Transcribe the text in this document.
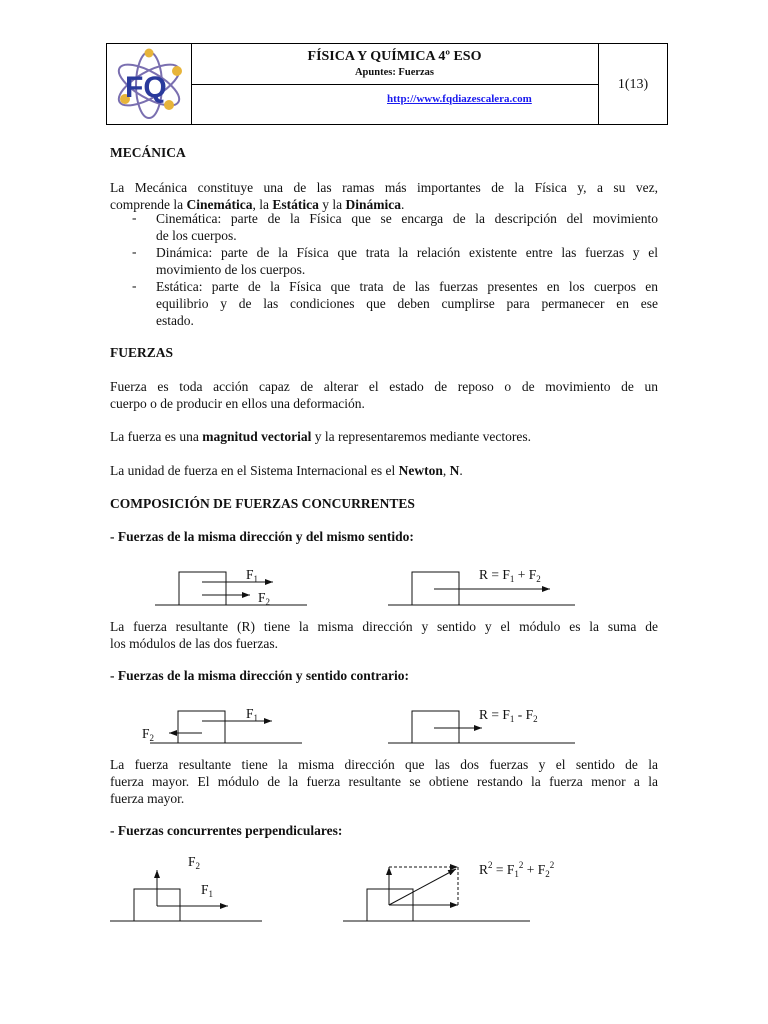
FQ
FÍSICA Y QUÍMICA 4º ESO
Apuntes: Fuerzas
http://www.fqdiazescalera.com
1(13)
MECÁNICA
La Mecánica constituye una de las ramas más importantes de la Física y, a su vez,
comprende la Cinemática, la Estática y la Dinámica.
- Cinemática: parte de la Física que se encarga de la descripción del movimiento
de los cuerpos.
- Dinámica: parte de la Física que trata la relación existente entre las fuerzas y el
movimiento de los cuerpos.
- Estática: parte de la Física que trata de las fuerzas presentes en los cuerpos en
equilibrio y de las condiciones que deben cumplirse para permanecer en ese
estado.
FUERZAS
Fuerza es toda acción capaz de alterar el estado de reposo o de movimiento de un
cuerpo o de producir en ellos una deformación.
La fuerza es una magnitud vectorial y la representaremos mediante vectores.
La unidad de fuerza en el Sistema Internacional es el Newton, N.
COMPOSICIÓN DE FUERZAS CONCURRENTES
- Fuerzas de la misma dirección y del mismo sentido:
$F_1$
$F_2$
$R = F_1 + F_2$
La fuerza resultante (R) tiene la misma dirección y sentido y el módulo es la suma de
los módulos de las dos fuerzas.
- Fuerzas de la misma dirección y sentido contrario:
$F_1$
$F_2$
$R = F_1 - F_2$
La fuerza resultante tiene la misma dirección que las dos fuerzas y el sentido de la
fuerza mayor. El módulo de la fuerza resultante se obtiene restando la fuerza menor a la
fuerza mayor.
- Fuerzas concurrentes perpendiculares:
$F_2$
$F_1$
$R^2 = F_1^2 + F_2^2$
